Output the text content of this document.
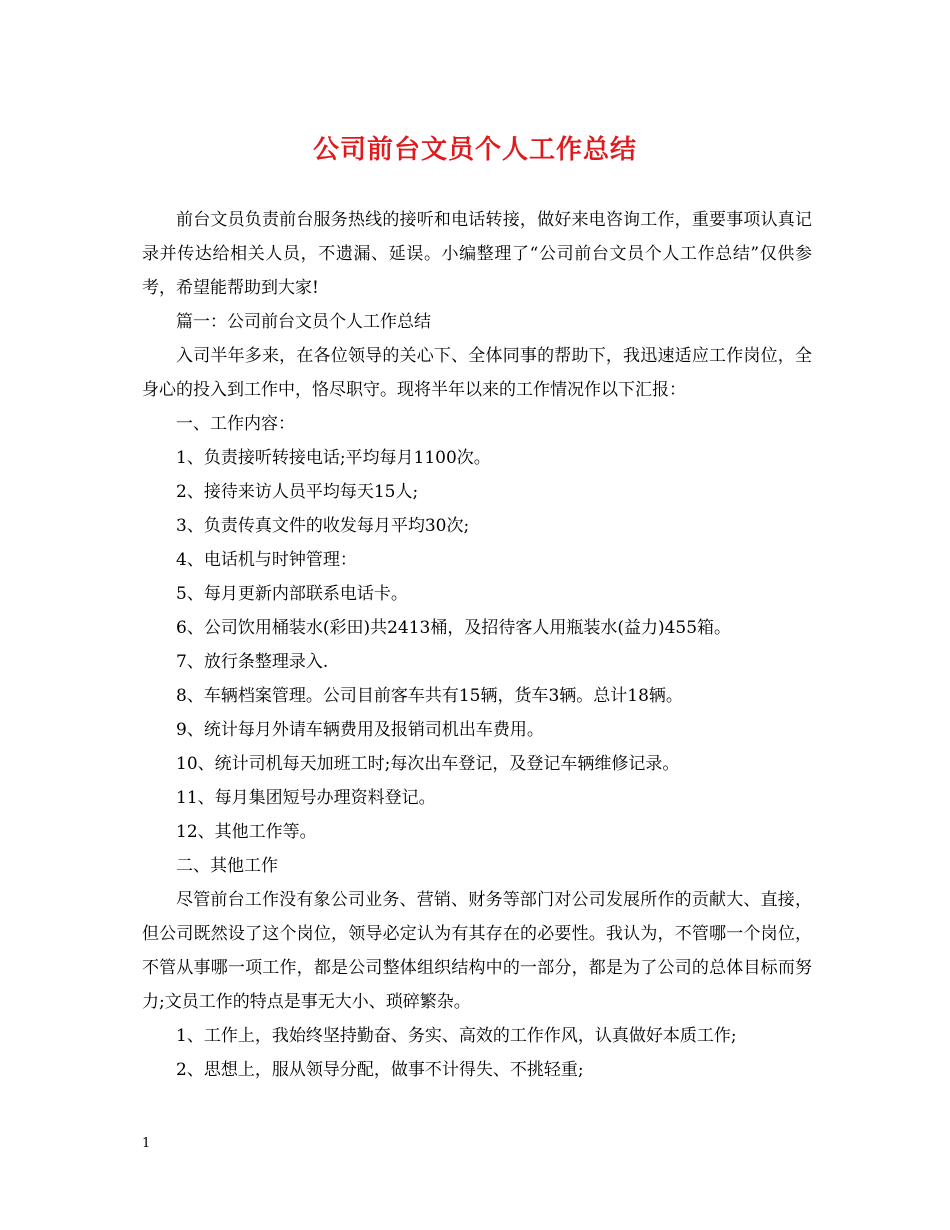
公司前台文员个人工作总结

前台文员负责前台服务热线的接听和电话转接，做好来电咨询工作，重要事项认真记录并传达给相关人员，不遗漏、延误。小编整理了“公司前台文员个人工作总结”仅供参考，希望能帮助到大家!

篇一：公司前台文员个人工作总结

入司半年多来，在各位领导的关心下、全体同事的帮助下，我迅速适应工作岗位，全身心的投入到工作中，恪尽职守。现将半年以来的工作情况作以下汇报：

一、工作内容：

1、负责接听转接电话;平均每月1100次。

2、接待来访人员平均每天15人;

3、负责传真文件的收发每月平均30次;

4、电话机与时钟管理：

5、每月更新内部联系电话卡。

6、公司饮用桶装水(彩田)共2413桶，及招待客人用瓶装水(益力)455箱。

7、放行条整理录入.

8、车辆档案管理。公司目前客车共有15辆，货车3辆。总计18辆。

9、统计每月外请车辆费用及报销司机出车费用。

10、统计司机每天加班工时;每次出车登记，及登记车辆维修记录。

11、每月集团短号办理资料登记。

12、其他工作等。

二、其他工作

尽管前台工作没有象公司业务、营销、财务等部门对公司发展所作的贡献大、直接，但公司既然设了这个岗位，领导必定认为有其存在的必要性。我认为，不管哪一个岗位，不管从事哪一项工作，都是公司整体组织结构中的一部分，都是为了公司的总体目标而努力;文员工作的特点是事无大小、琐碎繁杂。

1、工作上，我始终坚持勤奋、务实、高效的工作作风，认真做好本质工作;

2、思想上，服从领导分配，做事不计得失、不挑轻重;

1
